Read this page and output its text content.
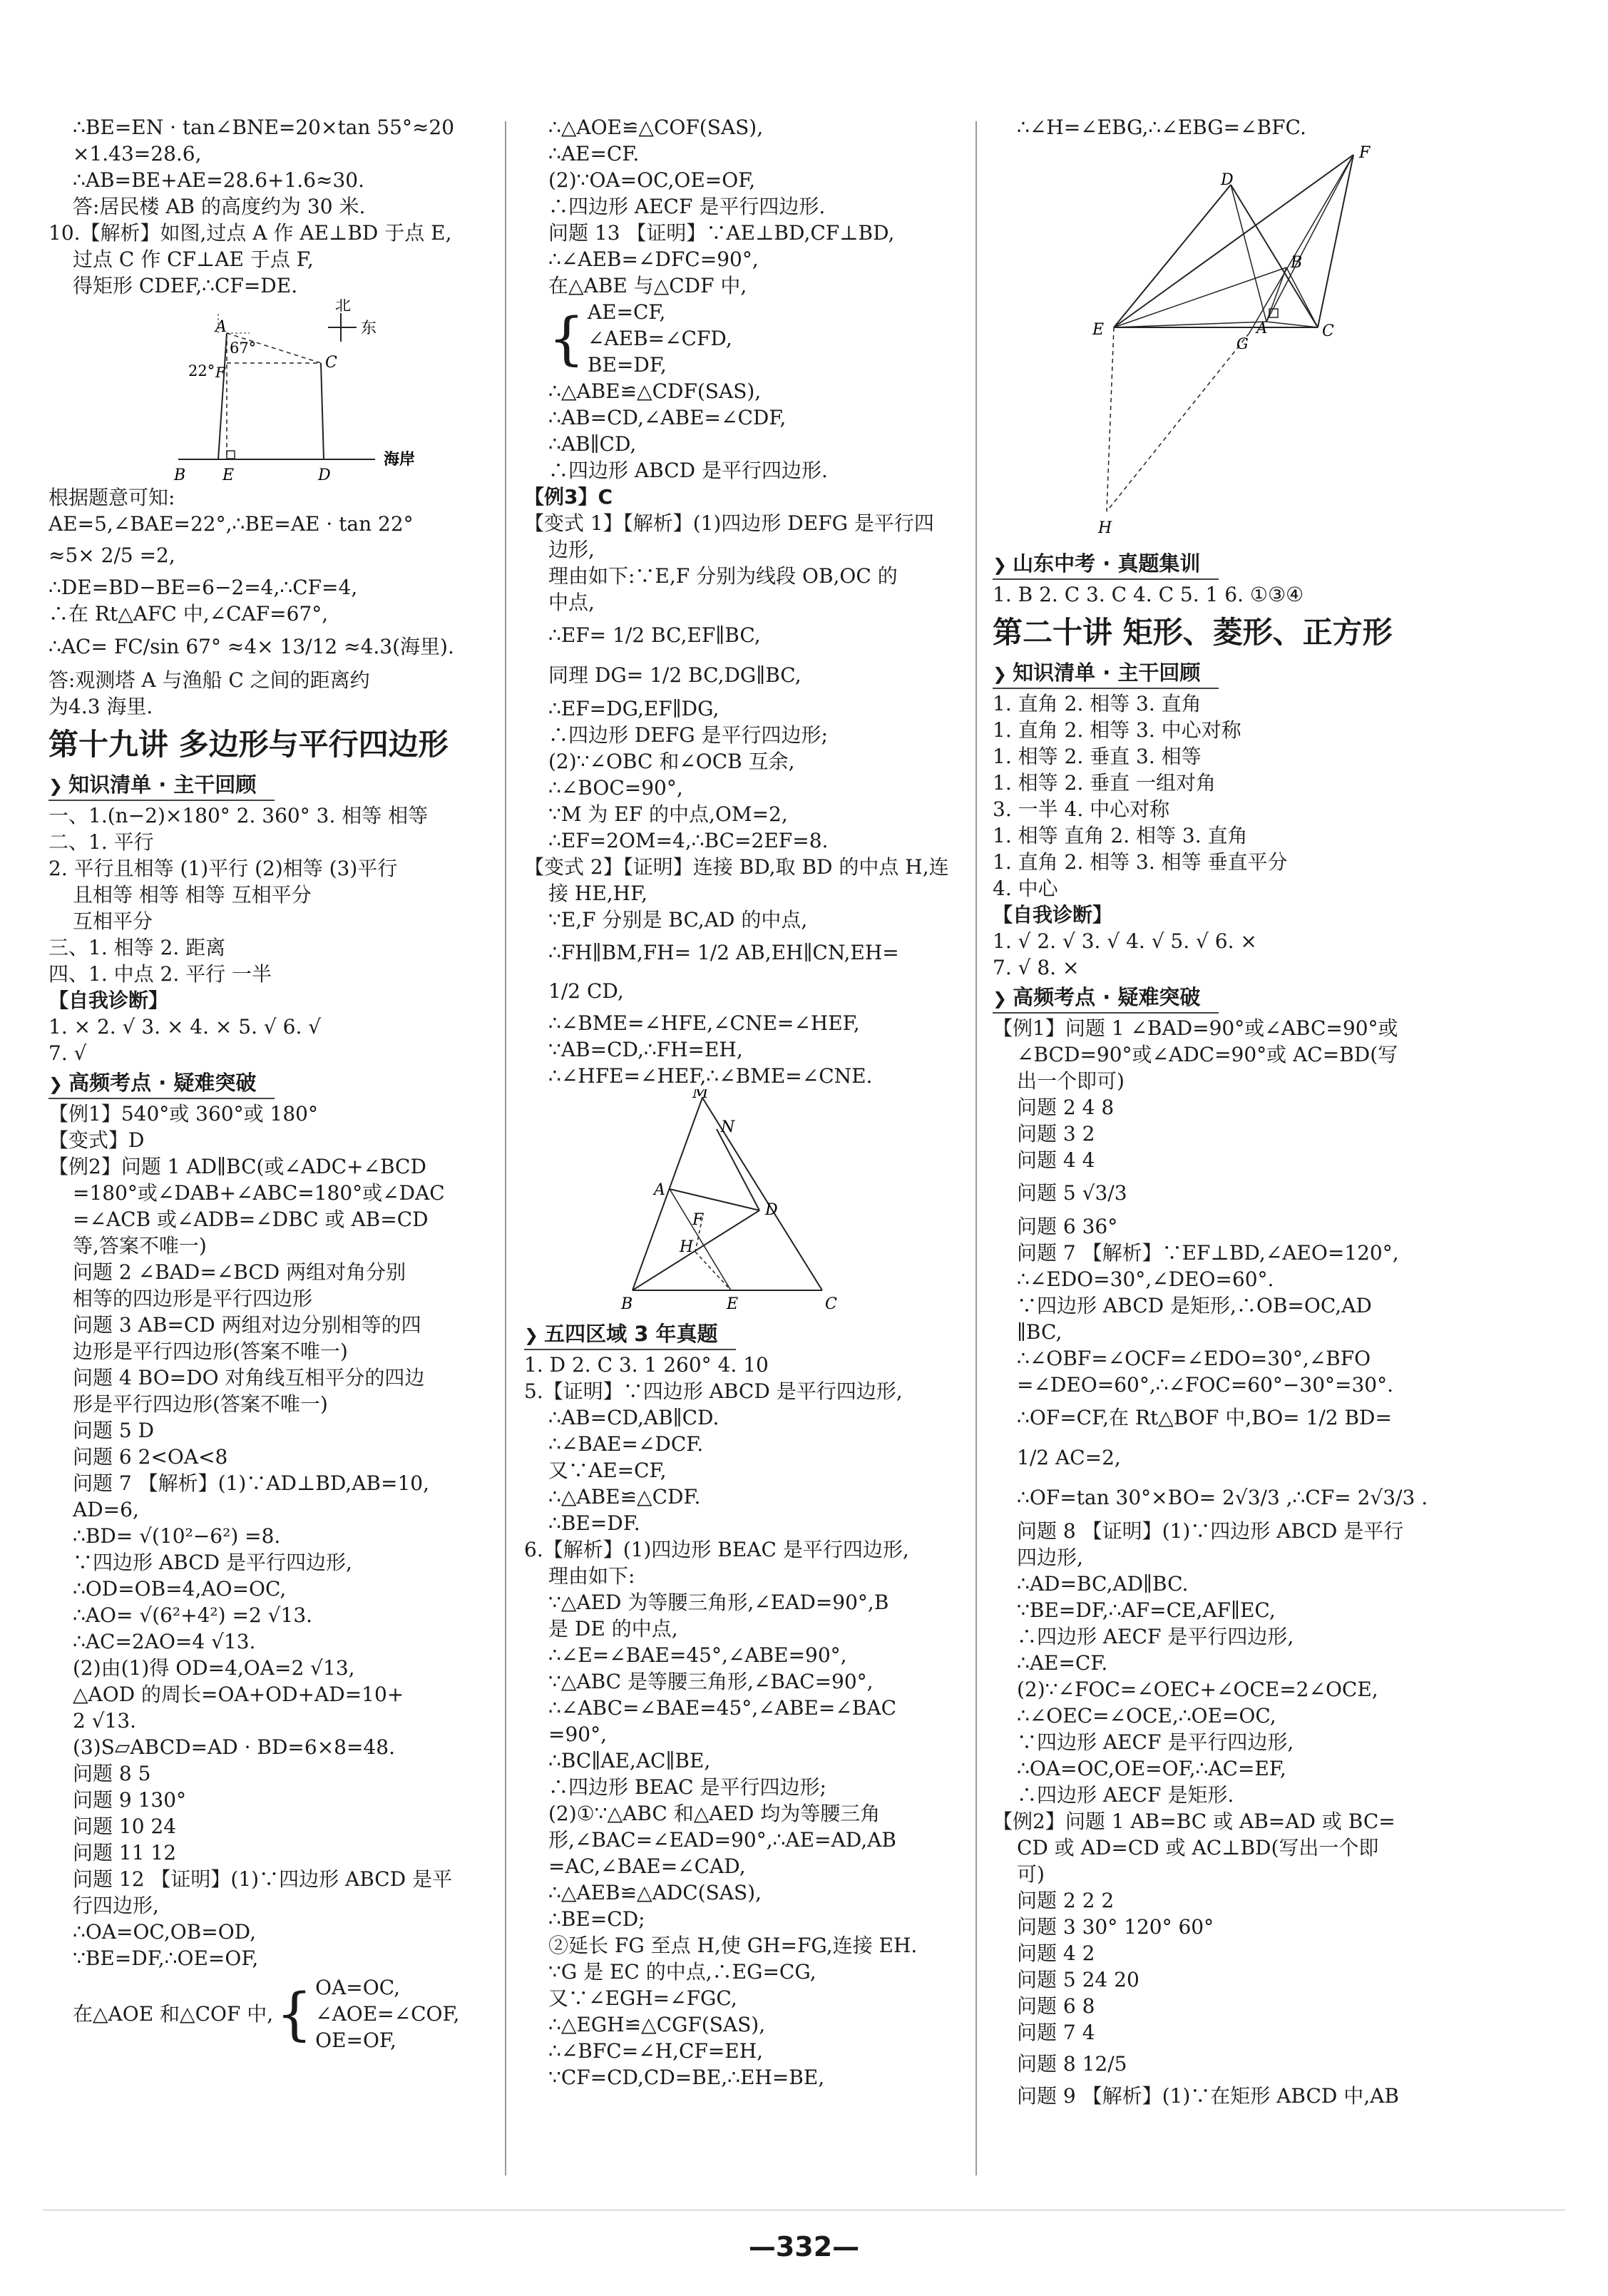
∴BE=EN · tan∠BNE=20×tan 55°≈20
×1.43=28.6,
∴AB=BE+AE=28.6+1.6≈30.
答:居民楼 AB 的高度约为 30 米.
10.【解析】如图,过点 A 作 AE⊥BD 于点 E,
过点 C 作 CF⊥AE 于点 F,
得矩形 CDEF,∴CF=DE.
北
东
海岸
A
22°
67°
C
F
B E	D
根据题意可知:
AE=5,∠BAE=22°,∴BE=AE · tan 22°
≈5× 2/5 =2,
∴DE=BD−BE=6−2=4,∴CF=4,
∴在 Rt△AFC 中,∠CAF=67°,
∴AC= FC/sin 67° ≈4× 13/12 ≈4.3(海里).
答:观测塔 A 与渔船 C 之间的距离约
为4.3 海里.
第十九讲 多边形与平行四边形
❯ 知识清单 · 主干回顾
一、1.(n−2)×180° 2. 360° 3. 相等 相等
二、1. 平行
2. 平行且相等 (1)平行 (2)相等 (3)平行
且相等 相等 相等 互相平分
互相平分
三、1. 相等 2. 距离
四、1. 中点 2. 平行 一半
【自我诊断】
1. × 2. √ 3. × 4. × 5. √ 6. √
7. √
❯ 高频考点 · 疑难突破
【例1】540°或 360°或 180°
【变式】D
【例2】问题 1 AD∥BC(或∠ADC+∠BCD
=180°或∠DAB+∠ABC=180°或∠DAC
=∠ACB 或∠ADB=∠DBC 或 AB=CD
等,答案不唯一)
问题 2 ∠BAD=∠BCD 两组对角分别
相等的四边形是平行四边形
问题 3 AB=CD 两组对边分别相等的四
边形是平行四边形(答案不唯一)
问题 4 BO=DO 对角线互相平分的四边
形是平行四边形(答案不唯一)
问题 5 D
问题 6 2<OA<8
问题 7 【解析】(1)∵AD⊥BD,AB=10,
AD=6,
∴BD= √(10²−6²) =8.
∵四边形 ABCD 是平行四边形,
∴OD=OB=4,AO=OC,
∴AO= √(6²+4²) =2 √13.
∴AC=2AO=4 √13.
(2)由(1)得 OD=4,OA=2 √13,
△AOD 的周长=OA+OD+AD=10+
2 √13.
(3)S▱ABCD=AD · BD=6×8=48.
问题 8 5
问题 9 130°
问题 10 24
问题 11 12
问题 12 【证明】(1)∵四边形 ABCD 是平
行四边形,
∴OA=OC,OB=OD,
∵BE=DF,∴OE=OF,
在△AOE 和△COF 中, { OA=OC,
∠AOE=∠COF,
OE=OF,
∴△AOE≌△COF(SAS),
∴AE=CF.
(2)∵OA=OC,OE=OF,
∴四边形 AECF 是平行四边形.
问题 13 【证明】∵AE⊥BD,CF⊥BD,
∴∠AEB=∠DFC=90°,
在△ABE 与△CDF 中,
{ AE=CF,
∠AEB=∠CFD,
BE=DF,
∴△ABE≌△CDF(SAS),
∴AB=CD,∠ABE=∠CDF,
∴AB∥CD,
∴四边形 ABCD 是平行四边形.
【例3】C
【变式 1】【解析】(1)四边形 DEFG 是平行四
边形,
理由如下:∵E,F 分别为线段 OB,OC 的
中点,
∴EF= 1/2 BC,EF∥BC,
同理 DG= 1/2 BC,DG∥BC,
∴EF=DG,EF∥DG,
∴四边形 DEFG 是平行四边形;
(2)∵∠OBC 和∠OCB 互余,
∴∠BOC=90°,
∵M 为 EF 的中点,OM=2,
∴EF=2OM=4,∴BC=2EF=8.
【变式 2】【证明】连接 BD,取 BD 的中点 H,连
接 HE,HF,
∵E,F 分别是 BC,AD 的中点,
∴FH∥BM,FH= 1/2 AB,EH∥CN,EH=
1/2 CD,
∴∠BME=∠HFE,∠CNE=∠HEF,
∵AB=CD,∴FH=EH,
∴∠HFE=∠HEF,∴∠BME=∠CNE.
M
N
A
D
F
H
B	E	C
❯ 五四区域 3 年真题
1. D 2. C 3. 1 260° 4. 10
5.【证明】∵四边形 ABCD 是平行四边形,
∴AB=CD,AB∥CD.
∴∠BAE=∠DCF.
又∵AE=CF,
∴△ABE≌△CDF.
∴BE=DF.
6.【解析】(1)四边形 BEAC 是平行四边形,
理由如下:
∵△AED 为等腰三角形,∠EAD=90°,B
是 DE 的中点,
∴∠E=∠BAE=45°,∠ABE=90°,
∵△ABC 是等腰三角形,∠BAC=90°,
∴∠ABC=∠BAE=45°,∠ABE=∠BAC
=90°,
∴BC∥AE,AC∥BE,
∴四边形 BEAC 是平行四边形;
(2)①∵△ABC 和△AED 均为等腰三角
形,∠BAC=∠EAD=90°,∴AE=AD,AB
=AC,∠BAE=∠CAD,
∴△AEB≌△ADC(SAS),
∴BE=CD;
②延长 FG 至点 H,使 GH=FG,连接 EH.
∵G 是 EC 的中点,∴EG=CG,
又∵∠EGH=∠FGC,
∴△EGH≌△CGF(SAS),
∴∠BFC=∠H,CF=EH,
∵CF=CD,CD=BE,∴EH=BE,
∴∠H=∠EBG,∴∠EBG=∠BFC.
D
F
B
E	A	C
G
H
❯ 山东中考 · 真题集训
1. B 2. C 3. C 4. C 5. 1 6. ①③④
第二十讲 矩形、菱形、正方形
❯ 知识清单 · 主干回顾
1. 直角 2. 相等 3. 直角
1. 直角 2. 相等 3. 中心对称
1. 相等 2. 垂直 3. 相等
1. 相等 2. 垂直 一组对角
3. 一半 4. 中心对称
1. 相等 直角 2. 相等 3. 直角
1. 直角 2. 相等 3. 相等 垂直平分
4. 中心
【自我诊断】
1. √ 2. √ 3. √ 4. √ 5. √ 6. ×
7. √ 8. ×
❯ 高频考点 · 疑难突破
【例1】问题 1 ∠BAD=90°或∠ABC=90°或
∠BCD=90°或∠ADC=90°或 AC=BD(写
出一个即可)
问题 2 4 8
问题 3 2
问题 4 4
问题 5 √3/3
问题 6 36°
问题 7 【解析】∵EF⊥BD,∠AEO=120°,
∴∠EDO=30°,∠DEO=60°.
∵四边形 ABCD 是矩形,∴OB=OC,AD
∥BC,
∴∠OBF=∠OCF=∠EDO=30°,∠BFO
=∠DEO=60°,∴∠FOC=60°−30°=30°.
∴OF=CF,在 Rt△BOF 中,BO= 1/2 BD=
1/2 AC=2,
∴OF=tan 30°×BO= 2√3/3 ,∴CF= 2√3/3 .
问题 8 【证明】(1)∵四边形 ABCD 是平行
四边形,
∴AD=BC,AD∥BC.
∵BE=DF,∴AF=CE,AF∥EC,
∴四边形 AECF 是平行四边形,
∴AE=CF.
(2)∵∠FOC=∠OEC+∠OCE=2∠OCE,
∴∠OEC=∠OCE,∴OE=OC,
∵四边形 AECF 是平行四边形,
∴OA=OC,OE=OF,∴AC=EF,
∴四边形 AECF 是矩形.
【例2】问题 1 AB=BC 或 AB=AD 或 BC=
CD 或 AD=CD 或 AC⊥BD(写出一个即
可)
问题 2 2 2
问题 3 30° 120° 60°
问题 4 2
问题 5 24 20
问题 6 8
问题 7 4
问题 8 12/5
问题 9 【解析】(1)∵在矩形 ABCD 中,AB
—332—
